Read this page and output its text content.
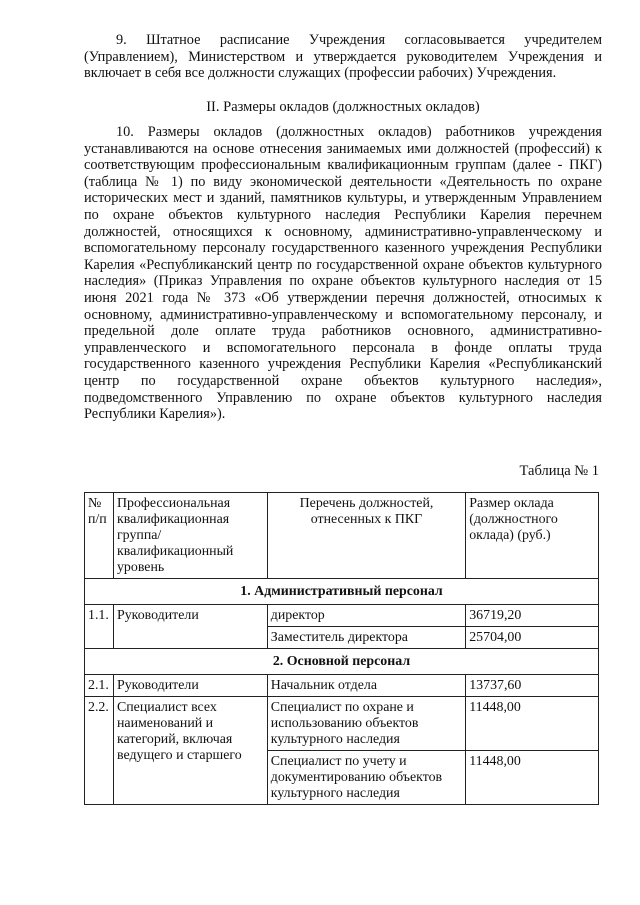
9. Штатное расписание Учреждения согласовывается учредителем (Управлением), Министерством и утверждается руководителем Учреждения и включает в себя все должности служащих (профессии рабочих) Учреждения.
II. Размеры окладов (должностных окладов)
10. Размеры окладов (должностных окладов) работников учреждения устанавливаются на основе отнесения занимаемых ими должностей (профессий) к соответствующим профессиональным квалификационным группам (далее - ПКГ) (таблица № 1) по виду экономической деятельности «Деятельность по охране исторических мест и зданий, памятников культуры, и утвержденным Управлением по охране объектов культурного наследия Республики Карелия перечнем должностей, относящихся к основному, административно-управленческому и вспомогательному персоналу государственного казенного учреждения Республики Карелия «Республиканский центр по государственной охране объектов культурного наследия» (Приказ Управления по охране объектов культурного наследия от 15 июня 2021 года № 373 «Об утверждении перечня должностей, относимых к основному, административно-управленческому и вспомогательному персоналу, и предельной доле оплате труда работников основного, административно-управленческого и вспомогательного персонала в фонде оплаты труда государственного казенного учреждения Республики Карелия «Республиканский центр по государственной охране объектов культурного наследия», подведомственного Управлению по охране объектов культурного наследия Республики Карелия»).
Таблица № 1
№ п/п	Профессиональная квалификационная группа/квалификационный уровень	Перечень должностей, отнесенных к ПКГ	Размер оклада (должностного оклада) (руб.)
1. Административный персонал			
1.1.	Руководители	директор	36719,20
		Заместитель директора	25704,00
2. Основной персонал			
2.1.	Руководители	Начальник отдела	13737,60
2.2.	Специалист всех наименований и категорий, включая ведущего и старшего	Специалист по охране и использованию объектов культурного наследия	11448,00
		Специалист по учету и документированию объектов культурного наследия	11448,00
